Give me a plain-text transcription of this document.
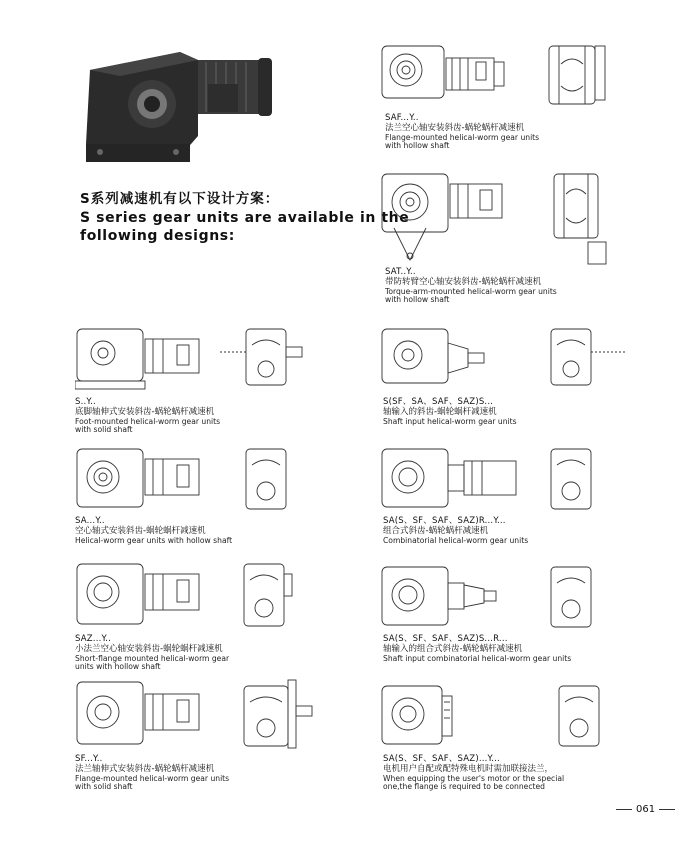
S系列减速机有以下设计方案：
S series gear units are available in the
following designs:
SAF...Y..
法兰空心轴安装斜齿-蜗轮蜗杆减速机
Flange-mounted helical-worm gear units
with hollow shaft
SAT..Y..
带防转臂空心轴安装斜齿-蜗轮蜗杆减速机
Torque-arm-mounted helical-worm gear units
with hollow shaft
S..Y..
底脚轴伸式安装斜齿-蜗轮蜗杆减速机
Foot-mounted helical-worm gear units
with solid shaft
S(SF、SA、SAF、SAZ)S...
轴输入的斜齿-蜗轮蜗杆减速机
Shaft input helical-worm gear units
SA...Y..
空心轴式安装斜齿-蜗轮蜗杆减速机
Helical-worm gear units with hollow shaft
SA(S、SF、SAF、SAZ)R...Y...
组合式斜齿-蜗轮蜗杆减速机
Combinatorial helical-worm gear units
SAZ...Y..
小法兰空心轴安装斜齿-蜗轮蜗杆减速机
Short-flange mounted helical-worm gear
units with hollow shaft
SA(S、SF、SAF、SAZ)S...R...
轴输入的组合式斜齿-蜗轮蜗杆减速机
Shaft input combinatorial helical-worm gear units
SF...Y..
法兰轴伸式安装斜齿-蜗轮蜗杆减速机
Flange-mounted helical-worm gear units
with solid shaft
SA(S、SF、SAF、SAZ)...Y...
电机用户自配或配特殊电机时需加联接法兰，
When equipping the user's motor or the special
one,the flange is required to be connected
061
